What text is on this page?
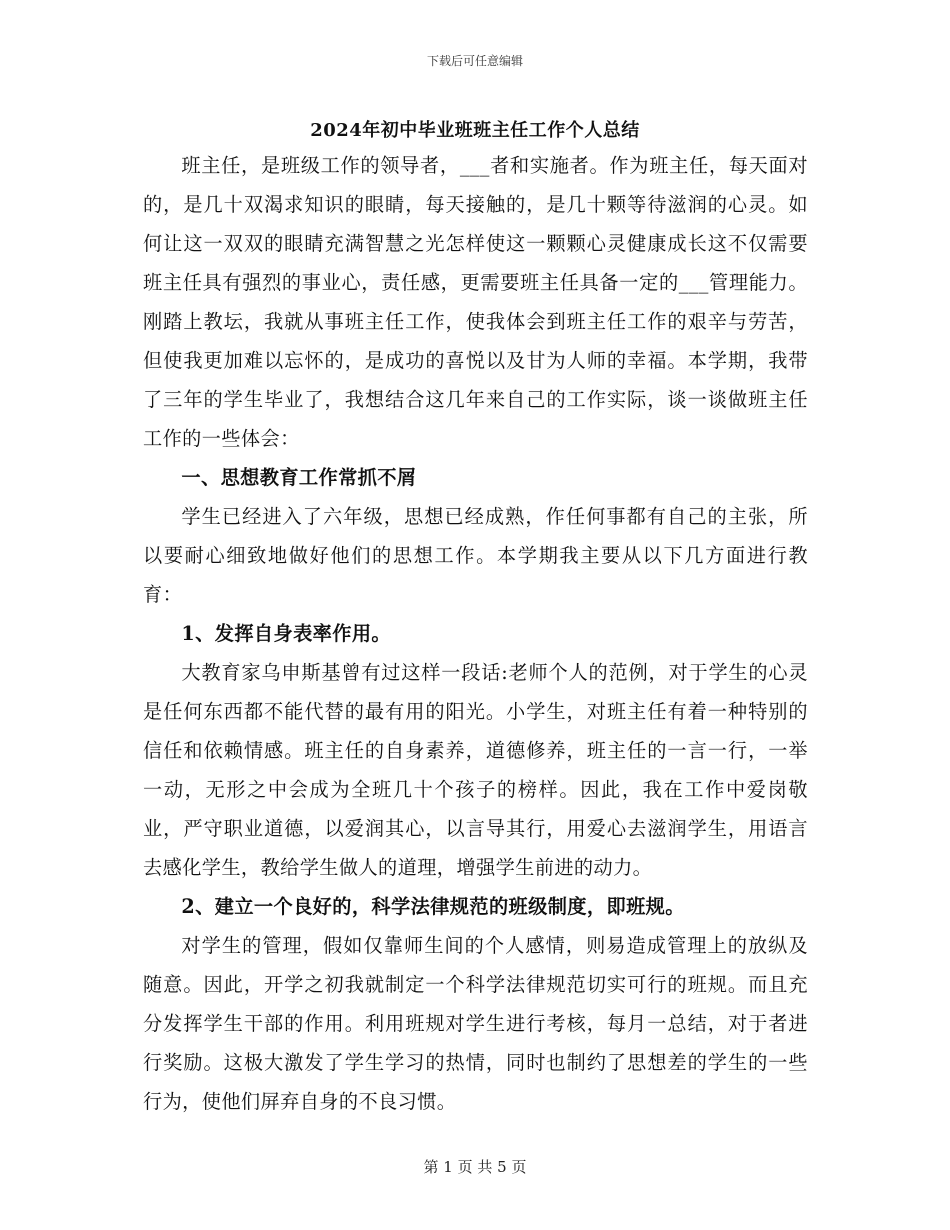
下载后可任意编辑
2024年初中毕业班班主任工作个人总结

班主任，是班级工作的领导者，___者和实施者。作为班主任，每天面对的，是几十双渴求知识的眼睛，每天接触的，是几十颗等待滋润的心灵。如何让这一双双的眼睛充满智慧之光怎样使这一颗颗心灵健康成长这不仅需要班主任具有强烈的事业心，责任感，更需要班主任具备一定的___管理能力。刚踏上教坛，我就从事班主任工作，使我体会到班主任工作的艰辛与劳苦，但使我更加难以忘怀的，是成功的喜悦以及甘为人师的幸福。本学期，我带了三年的学生毕业了，我想结合这几年来自己的工作实际，谈一谈做班主任工作的一些体会：

一、思想教育工作常抓不屑

学生已经进入了六年级，思想已经成熟，作任何事都有自己的主张，所以要耐心细致地做好他们的思想工作。本学期我主要从以下几方面进行教育：

1、发挥自身表率作用。

大教育家乌申斯基曾有过这样一段话:老师个人的范例，对于学生的心灵是任何东西都不能代替的最有用的阳光。小学生，对班主任有着一种特别的信任和依赖情感。班主任的自身素养，道德修养，班主任的一言一行，一举一动，无形之中会成为全班几十个孩子的榜样。因此，我在工作中爱岗敬业，严守职业道德，以爱润其心，以言导其行，用爱心去滋润学生，用语言去感化学生，教给学生做人的道理，增强学生前进的动力。

2、建立一个良好的，科学法律规范的班级制度，即班规。

对学生的管理，假如仅靠师生间的个人感情，则易造成管理上的放纵及随意。因此，开学之初我就制定一个科学法律规范切实可行的班规。而且充分发挥学生干部的作用。利用班规对学生进行考核，每月一总结，对于者进行奖励。这极大激发了学生学习的热情，同时也制约了思想差的学生的一些行为，使他们屏弃自身的不良习惯。

第 1 页 共 5 页
